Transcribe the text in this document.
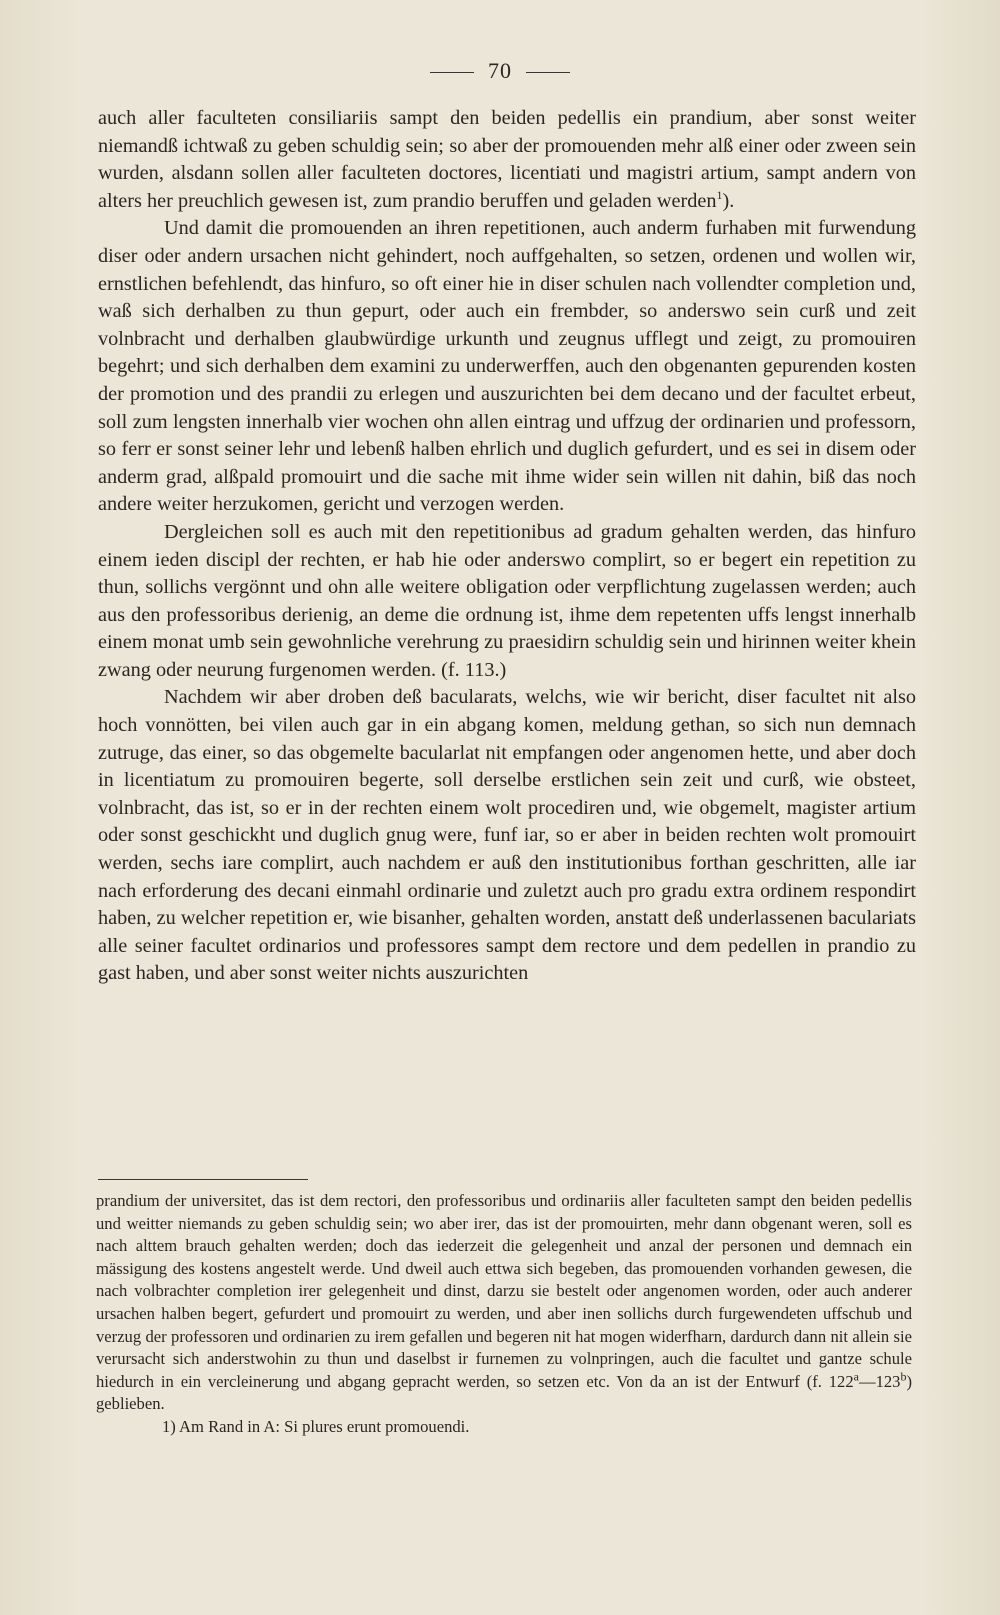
70

auch aller faculteten consiliariis sampt den beiden pedellis ein prandium, aber sonst weiter niemandß ichtwaß zu geben schuldig sein; so aber der promouenden mehr alß einer oder zween sein wurden, alsdann sollen aller faculteten doctores, licentiati und magistri artium, sampt andern von alters her preuchlich gewesen ist, zum prandio beruffen und geladen werden$^1$).

Und damit die promouenden an ihren repetitionen, auch anderm furhaben mit furwendung diser oder andern ursachen nicht gehindert, noch auffgehalten, so setzen, ordenen und wollen wir, ernstlichen befehlendt, das hinfuro, so oft einer hie in diser schulen nach vollendter completion und, waß sich derhalben zu thun gepurt, oder auch ein frembder, so anderswo sein curß und zeit volnbracht und derhalben glaubwürdige urkunth und zeugnus ufflegt und zeigt, zu promouiren begehrt; und sich derhalben dem examini zu underwerffen, auch den obgenanten gepurenden kosten der promotion und des prandii zu erlegen und auszurichten bei dem decano und der facultet erbeut, soll zum lengsten innerhalb vier wochen ohn allen eintrag und uffzug der ordinarien und professorn, so ferr er sonst seiner lehr und lebenß halben ehrlich und duglich gefurdert, und es sei in disem oder anderm grad, alßpald promouirt und die sache mit ihme wider sein willen nit dahin, biß das noch andere weiter herzukomen, gericht und verzogen werden.

Dergleichen soll es auch mit den repetitionibus ad gradum gehalten werden, das hinfuro einem ieden discipl der rechten, er hab hie oder anderswo complirt, so er begert ein repetition zu thun, sollichs vergönnt und ohn alle weitere obligation oder verpflichtung zugelassen werden; auch aus den professoribus derienig, an deme die ordnung ist, ihme dem repetenten uffs lengst innerhalb einem monat umb sein gewohnliche verehrung zu praesidirn schuldig sein und hirinnen weiter khein zwang oder neurung furgenomen werden. (f. 113.)

Nachdem wir aber droben deß bacularats, welchs, wie wir bericht, diser facultet nit also hoch vonnötten, bei vilen auch gar in ein abgang komen, meldung gethan, so sich nun demnach zutruge, das einer, so das obgemelte bacularlat nit empfangen oder angenomen hette, und aber doch in licentiatum zu promouiren begerte, soll derselbe erstlichen sein zeit und curß, wie obsteet, volnbracht, das ist, so er in der rechten einem wolt procediren und, wie obgemelt, magister artium oder sonst geschickht und duglich gnug were, funf iar, so er aber in beiden rechten wolt promouirt werden, sechs iare complirt, auch nachdem er auß den institutionibus forthan geschritten, alle iar nach erforderung des decani einmahl ordinarie und zuletzt auch pro gradu extra ordinem respondirt haben, zu welcher repetition er, wie bisanher, gehalten worden, anstatt deß underlassenen baculariats alle seiner facultet ordinarios und professores sampt dem rectore und dem pedellen in prandio zu gast haben, und aber sonst weiter nichts auszurichten

prandium der universitet, das ist dem rectori, den professoribus und ordinariis aller faculteten sampt den beiden pedellis und weitter niemands zu geben schuldig sein; wo aber irer, das ist der promouirten, mehr dann obgenant weren, soll es nach alttem brauch gehalten werden; doch das iederzeit die gelegenheit und anzal der personen und demnach ein mässigung des kostens angestelt werde. Und dweil auch ettwa sich begeben, das promouenden vorhanden gewesen, die nach volbrachter completion irer gelegenheit und dinst, darzu sie bestelt oder angenomen worden, oder auch anderer ursachen halben begert, gefurdert und promouirt zu werden, und aber inen sollichs durch furgewendeten uffschub und verzug der professoren und ordinarien zu irem gefallen und begeren nit hat mogen widerfharn, dardurch dann nit allein sie verursacht sich anderstwohin zu thun und daselbst ir furnemen zu volnpringen, auch die facultet und gantze schule hiedurch in ein vercleinerung und abgang gepracht werden, so setzen etc. Von da an ist der Entwurf (f. 122$^a$—123$^b$) geblieben.

1) Am Rand in A: Si plures erunt promouendi.
